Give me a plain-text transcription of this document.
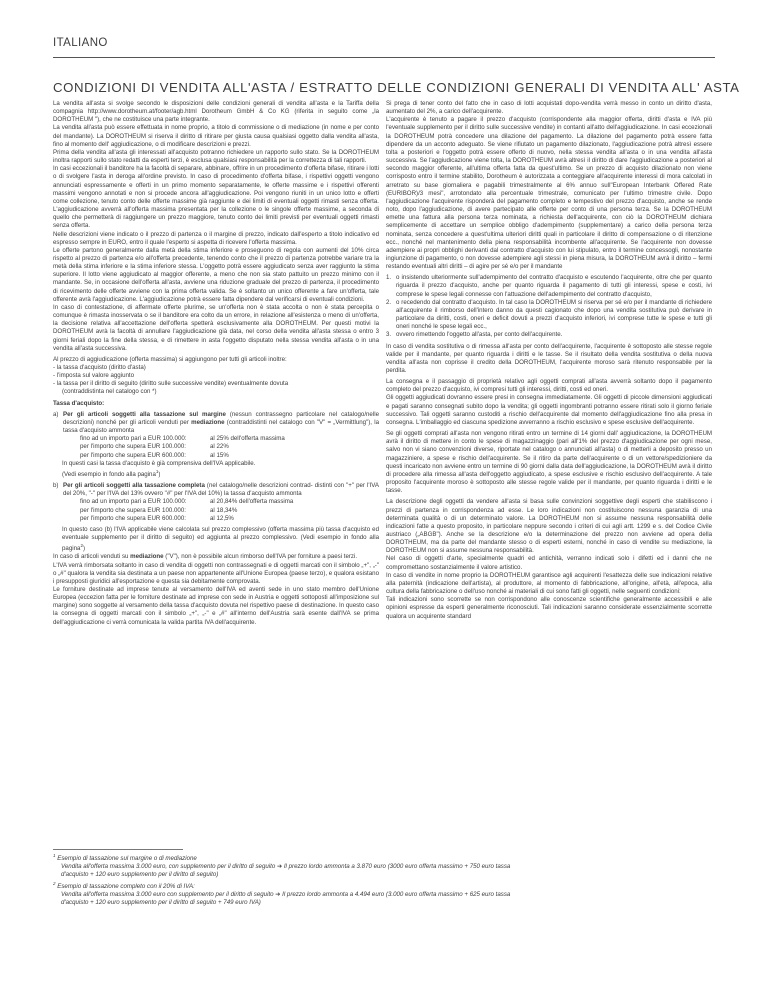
ITALIANO
CONDIZIONI DI VENDITA ALL'ASTA / ESTRATTO DELLE CONDIZIONI GENERALI DI VENDITA ALL' ASTA

La vendita all'asta si svolge secondo le disposizioni delle condizioni generali di vendita all'asta e la Tariffa della compagnia http://www.dorotheum.at/footer/agb.html Dorotheum GmbH & Co KG (riferita in seguito come „la DOROTHEUM "), che ne costituisce una parte integrante.

La vendita all'asta può essere effettuata in nome proprio, a titolo di commissione o di mediazione (in nome e per conto del mandante). La DOROTHEUM si riserva il diritto di ritirare per giusta causa qualsiasi oggetto dalla vendita all'asta, fino al momento dell' aggiudicazione, o di modificare descrizioni e prezzi.

Prima della vendita all'asta gli interessati all'acquisto potranno richiedere un rapporto sullo stato. Se la DOROTHEUM inoltra rapporti sullo stato redatti da esperti terzi, è esclusa qualsiasi responsabilità per la correttezza di tali rapporti.

In casi eccezionali il banditore ha la facoltà di separare, abbinare, offrire in un procedimento d'offerta bifase, ritirare i lotti o di svolgere l'asta in deroga all'ordine previsto. In caso di procedimento d'offerta bifase, i rispettivi oggetti vengono annunciati espressamente e offerti in un primo momento separatamente, le offerte massime e i rispettivi offerenti massimi vengono annotati e non si procede ancora all'aggiudicazione. Poi vengono riuniti in un unico lotto e offerti come collezione, tenuto conto delle offerte massime già raggiunte e dei limiti di eventuali oggetti rimasti senza offerta. L'aggiudicazione avverrà all'offerta massima presentata per la collezione o le singole offerte massime, a seconda di quello che permetterà di raggiungere un prezzo maggiore, tenuto conto dei limiti previsti per eventuali oggetti rimasti senza offerta.

Nelle descrizioni viene indicato o il prezzo di partenza o il margine di prezzo, indicato dall'esperto a titolo indicativo ed espresso sempre in EURO, entro il quale l'esperto si aspetta di ricevere l'offerta massima.

Le offerte partono generalmente dalla metà della stima inferiore e proseguono di regola con aumenti del 10% circa rispetto al prezzo di partenza e/o all'offerta precedente, tenendo conto che il prezzo di partenza potrebbe variare tra la metà della stima inferiore e la stima inferiore stessa. L'oggetto potrà essere aggiudicato senza aver raggiunto la stima superiore. Il lotto viene aggiudicato al maggior offerente, a meno che non sia stato pattuito un prezzo minimo con il mandante. Se, in occasione dell'offerta all'asta, avviene una riduzione graduale del prezzo di partenza, il procedimento di ricevimento delle offerte avviene con la prima offerta valida. Se è soltanto un unico offerente a fare un'offerta, tale offerente avrà l'aggiudicazione. L'aggiudicazione potrà essere fatta dipendere dal verificarsi di eventuali condizioni.

In caso di contestazione, di affermate offerte plurime, se un'offerta non è stata accolta o non è stata percepita o comunque è rimasta inosservata o se il banditore era colto da un errore, in relazione all'esistenza o meno di un'offerta, la decisione relativa all'accettazione dell'offerta spetterà esclusivamente alla DOROTHEUM. Per questi motivi la DOROTHEUM avrà la facoltà di annullare l'aggiudicazione già data, nel corso della vendita all'asta stessa o entro 3 giorni feriali dopo la fine della stessa, e di rimettere in asta l'oggetto disputato nella stessa vendita all'asta o in una vendita all'asta successiva.

Al prezzo di aggiudicazione (offerta massima) si aggiungono per tutti gli articoli inoltre:

- la tassa d'acquisto (diritto d'asta)

- l'imposta sul valore aggiunto

- la tassa per il diritto di seguito (diritto sulle successive vendite) eventualmente dovuta

(contraddistinta nel catalogo con *)

Tassa d'acquisto:

a) Per gli articoli soggetti alla tassazione sul margine (nessun contrassegno particolare nel catalogo/nelle descrizioni) nonché per gli articoli venduti per mediazione (contraddistinti nel catalogo con "V" = „Vermittlung"), la tassa d'acquisto ammonta
fino ad un importo pari a EUR 100.000:	al 25% dell'offerta massima
per l'importo che supera EUR 100.000:	al 22%
per l'importo che supera EUR 600.000:	al 15%

In questi casi la tassa d'acquisto è già comprensiva dell'IVA applicabile.

(Vedi esempio in fondo alla pagina$^1$)

b) Per gli articoli soggetti alla tassazione completa (nel catalogo/nelle descrizioni contrad- distinti con "+" per l'IVA del 20%, "-" per l'IVA del 13% ovvero "#" per l'IVA del 10%) la tassa d'acquisto ammonta
fino ad un importo pari a EUR 100.000:	al 20,84% dell'offerta massima
per l'importo che supera EUR 100.000:	al 18,34%
per l'importo che supera EUR 600.000:	al 12,5%

In questo caso (b) l'IVA applicabile viene calcolata sul prezzo complessivo (offerta massima più tassa d'acquisto ed eventuale supplemento per il diritto di seguito) ed aggiunta al prezzo complessivo. (Vedi esempio in fondo alla pagina$^2$)

In caso di articoli venduti su mediazione ("V"), non è possibile alcun rimborso dell'IVA per forniture a paesi terzi.

L'IVA verrà rimborsata soltanto in caso di vendita di oggetti non contrassegnati e di oggetti marcati con il simbolo „+", „-" o „#" qualora la vendita sia destinata a un paese non appartenente all'Unione Europea (paese terzo), e qualora esistano i presupposti giuridici all'esportazione e questa sia debitamente comprovata.

Le forniture destinate ad imprese tenute al versamento dell'IVA ed aventi sede in uno stato membro dell'Unione Europea (eccezion fatta per le forniture destinate ad imprese con sede in Austria e oggetti sottoposti all'imposizione sul margine) sono soggette al versamento della tassa d'acquisto dovuta nel rispettivo paese di destinazione. In questo caso la consegna di oggetti marcati con il simbolo „+", „-" e „#" all'interno dell'Austria sarà esente dall'IVA se prima dell'aggiudicazione ci verrà comunicata la valida partita IVA dell'acquirente.

Si prega di tener conto del fatto che in caso di lotti acquistati dopo-vendita verrà messo in conto un diritto d'asta, aumentato del 2%, a carico dell'acquirente.

L'acquirente è tenuto a pagare il prezzo d'acquisto (corrispondente alla maggior offerta, diritti d'asta e IVA più l'eventuale supplemento per il diritto sulle successive vendite) in contanti all'atto dell'aggiudicazione. In casi eccezionali la DOROTHEUM potrà concedere una dilazione del pagamento. La dilazione del pagamento potrà essere fatta dipendere da un acconto adeguato. Se viene rifiutato un pagamento dilazionato, l'aggiudicazione potrà altresì essere tolta a posteriori e l'oggetto potrà essere offerto di nuovo, nella stessa vendita all'asta o in una vendita all'asta successiva. Se l'aggiudicazione viene tolta, la DOROTHEUM avrà altresì il diritto di dare l'aggiudicazione a posteriori al secondo maggior offerente, all'ultima offerta fatta da quest'ultimo. Se un prezzo di acquisto dilazionato non viene corrisposto entro il termine stabilito, Dorotheum è autorizzata a conteggiare all'acquirente interessi di mora calcolati in arretrato su base giornaliera e pagabili trimestralmente al 6% annuo sull"European Interbank Offered Rate (EURIBOR)/3 mesi", arrotondato alla percentuale trimestrale, comunicato per l'ultimo trimestre civile. Dopo l'aggiudicazione l'acquirente risponderà del pagamento completo e tempestivo del prezzo d'acquisto, anche se rende noto, dopo l'aggiudicazione, di avere partecipato alle offerte per conto di una persona terza. Se la DOROTHEUM emette una fattura alla persona terza nominata, a richiesta dell'acquirente, con ciò la DOROTHEUM dichiara semplicemente di accettare un semplice obbligo d'adempimento (supplementare) a carico della persona terza nominata, senza concedere a quest'ultima ulteriori diritti quali in particolare il diritto di compensazione o di ritenzione ecc., nonché nel mantenimento della piena responsabilità incombente all'acquirente. Se l'acquirente non dovesse adempiere ai propri obblighi derivanti dal contratto d'acquisto con lui stipulato, entro il termine concessogli, nonostante ingiunzione di pagamento, o non dovesse adempiere agli stessi in piena misura, la DOROTHEUM avrà il diritto – fermi restando eventuali altri diritti – di agire per sé e/o per il mandante

1. o insistendo ulteriormente sull'adempimento del contratto d'acquisto e escutendo l'acquirente, oltre che per quanto riguarda il prezzo d'acquisto, anche per quanto riguarda il pagamento di tutti gli interessi, spese e costi, ivi comprese le spese legali connesse con l'attuazione dell'adempimento del contratto d'acquisto,
2. o recedendo dal contratto d'acquisto. In tal caso la DOROTHEUM si riserva per sé e/o per il mandante di richiedere all'acquirente il rimborso dell'intero danno da questi cagionato che dopo una vendita sostitutiva può derivare in particolare da diritti, costi, oneri e deficit dovuti a prezzi d'acquisto inferiori, ivi comprese tutte le spese e tutti gli oneri nonché le spese legali ecc.,
3. ovvero rimettendo l'oggetto all'asta, per conto dell'acquirente.

In caso di vendita sostitutiva o di rimessa all'asta per conto dell'acquirente, l'acquirente è sottoposto alle stesse regole valide per il mandante, per quanto riguarda i diritti e le tasse. Se il risultato della vendita sostitutiva o della nuova vendita all'asta non coprisse il credito della DOROTHEUM, l'acquirente moroso sarà ritenuto responsabile per la perdita.

La consegna e il passaggio di proprietà relativo agli oggetti comprati all'asta avverrà soltanto dopo il pagamento completo del prezzo d'acquisto, ivi compresi tutti gli interessi, diritti, costi ed oneri.

Gli oggetti aggiudicati dovranno essere presi in consegna immediatamente. Gli oggetti di piccole dimensioni aggiudicati e pagati saranno consegnati subito dopo la vendita; gli oggetti ingombranti potranno essere ritirati solo il giorno feriale successivo. Tali oggetti saranno custoditi a rischio dell'acquirente dal momento dell'aggiudicazione fino alla presa in consegna. L'imballaggio ed ciascuna spedizione avverranno a rischio esclusivo e spese esclusive dell'acquirente.

Se gli oggetti comprati all'asta non vengono ritirati entro un termine di 14 giorni dall' aggiudicazione, la DOROTHEUM avrà il diritto di mettere in conto le spese di magazzinaggio (pari all'1% del prezzo d'aggiudicazione per ogni mese, salvo non vi siano convenzioni diverse, riportate nel catalogo o annunciati all'asta) o di metterli a deposito presso un magazziniere, a spese e rischio dell'acquirente. Se il ritiro da parte dell'acquirente o di un vettore/spedizioniere da questi incaricato non avviene entro un termine di 90 giorni dalla data dell'aggiudicazione, la DOROTHEUM avrà il diritto di procedere alla rimessa all'asta dell'oggetto aggiudicato, a spese esclusive e rischio esclusivo dell'acquirente. A tale proposito l'acquirente moroso è sottoposto alle stesse regole valide per il mandante, per quanto riguarda i diritti e le tasse.

La descrizione degli oggetti da vendere all'asta si basa sulle convinzioni soggettive degli esperti che stabiliscono i prezzi di partenza in corrispondenza ad esse. Le loro indicazioni non costituiscono nessuna garanzia di una determinata qualità o di un determinato valore. La DOROTHEUM non si assume nessuna responsabilità delle indicazioni fatte a questo proposito, in particolare neppure secondo i criteri di cui agli artt. 1299 e s. del Codice Civile austriaco („ABGB"). Anche se la descrizione e/o la determinazione del prezzo non avviene ad opera della DOROTHEUM, ma da parte del mandante stesso o di esperti esterni, nonché in caso di vendite su mediazione, la DOROTHEUM non si assume nessuna responsabilità.

Nel caso di oggetti d'arte, specialmente quadri ed antichità, verranno indicati solo i difetti ed i danni che ne compromettano sostanzialmente il valore artistico.

In caso di vendite in nome proprio la DOROTHEUM garantisce agli acquirenti l'esattezza delle sue indicazioni relative alla paternità (indicazione dell'artista), al produttore, al momento di fabbricazione, all'origine, all'età, all'epoca, alla cultura della fabbricazione o dell'uso nonché ai materiali di cui sono fatti gli oggetti, nelle seguenti condizioni:

Tali indicazioni sono scorrette se non corrispondono alle conoscenze scientifiche generalmente accessibili e alle opinioni espresse da esperti generalmente riconosciuti. Tali indicazioni saranno considerate essenzialmente scorrette qualora un acquirente standard

$^1$ Esempio di tassazione sul margine o di mediazione

Vendita all'offerta massima 3.000 euro, con supplemento per il diritto di seguito ➔ Il prezzo lordo ammonta a 3.870 euro (3000 euro offerta massimo + 750 euro tassa d'acquisto + 120 euro supplemento per il diritto di seguito)

$^2$ Esempio di tassazione completo con il 20% di IVA:

Vendita all'offerta massima 3.000 euro con supplemento per il diritto di seguito ➔ Il prezzo lordo ammonta a 4.494 euro (3.000 euro offerta massimo + 625 euro tassa d'acquisto + 120 euro supplemento per il diritto di seguito + 749 euro IVA)
